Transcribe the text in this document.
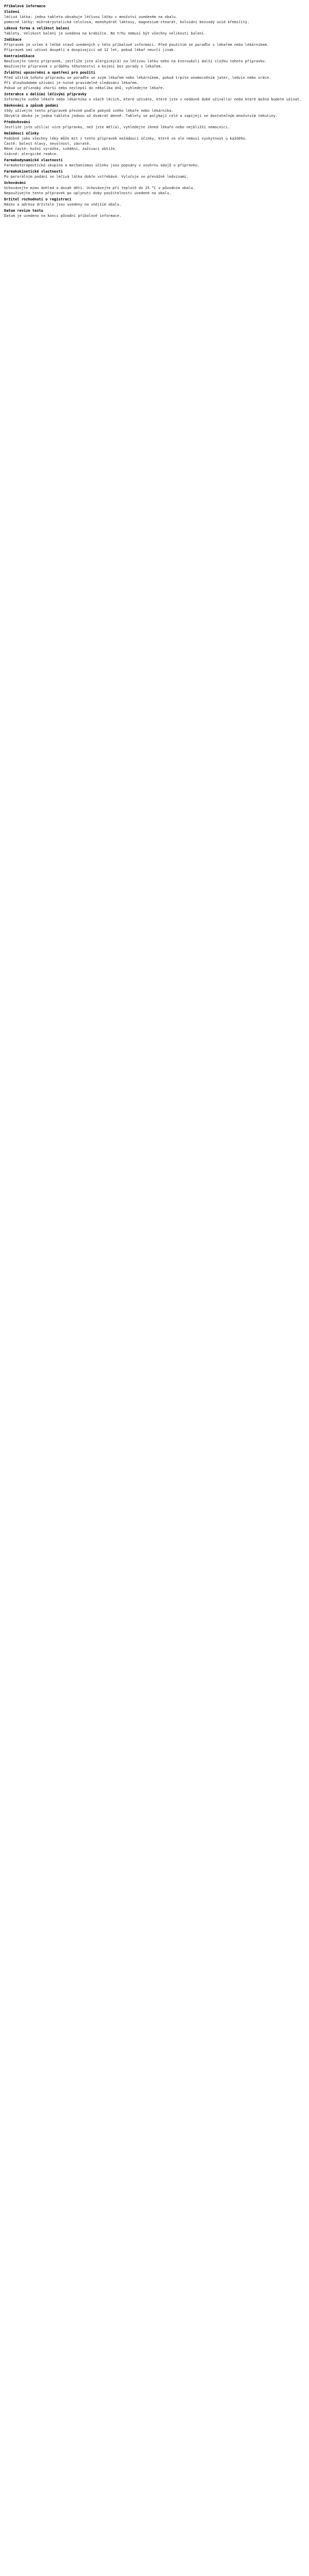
Příbalová informace
Složení
léčivá látka: jedna tableta obsahuje léčivou látku v množství uvedeném na obalu.
pomocné látky: mikrokrystalická celulosa, monohydrát laktosy, magnesium-stearát, koloidní bezvodý oxid křemičitý.
Léková forma a velikost balení
Tablety. Velikost balení je uvedena na krabičce. Na trhu nemusí být všechny velikosti balení.
Indikace
Přípravek je určen k léčbě stavů uvedených v této příbalové informaci. Před použitím se poraďte s lékařem nebo lékárníkem.
Přípravek smí užívat dospělí a dospívající od 12 let, pokud lékař neurčí jinak.
Kontraindikace
Neužívejte tento přípravek, jestliže jste alergický(á) na léčivou látku nebo na kteroukoli další složku tohoto přípravku.
Neužívejte přípravek v průběhu těhotenství a kojení bez porady s lékařem.
Zvláštní upozornění a opatření pro použití
Před užitím tohoto přípravku se poraďte se svým lékařem nebo lékárníkem, pokud trpíte onemocněním jater, ledvin nebo srdce.
Při dlouhodobém užívání je nutné pravidelné sledování lékařem.
Pokud se příznaky zhorší nebo nezlepší do několika dnů, vyhledejte lékaře.
Interakce s dalšími léčivými přípravky
Informujte svého lékaře nebo lékárníka o všech lécích, které užíváte, které jste v nedávné době užíval(a) nebo které možná budete užívat.
Dávkování a způsob podání
Vždy užívejte tento přípravek přesně podle pokynů svého lékaře nebo lékárníka.
Obvyklá dávka je jedna tableta jednou až dvakrát denně. Tablety se polykají celé a zapíjejí se dostatečným množstvím tekutiny.
Předávkování
Jestliže jste užil(a) více přípravku, než jste měl(a), vyhledejte ihned lékaře nebo nejbližší nemocnici.
Nežádoucí účinky
Podobně jako všechny léky může mít i tento přípravek nežádoucí účinky, které se ale nemusí vyskytnout u každého.
Časté: bolest hlavy, nevolnost, závratě.
Méně časté: kožní vyrážka, svědění, zažívací obtíže.
Vzácné: alergické reakce.
Farmakodynamické vlastnosti
Farmakoterapeutická skupina a mechanismus účinku jsou popsány v souhrnu údajů o přípravku.
Farmakokinetické vlastnosti
Po perorálním podání se léčivá látka dobře vstřebává. Vylučuje se převážně ledvinami.
Uchovávání
Uchovávejte mimo dohled a dosah dětí. Uchovávejte při teplotě do 25 °C v původním obalu.
Nepoužívejte tento přípravek po uplynutí doby použitelnosti uvedené na obalu.
Držitel rozhodnutí o registraci
Název a adresa držitele jsou uvedeny na vnějším obalu.
Datum revize textu
Datum je uvedeno na konci původní příbalové informace.
